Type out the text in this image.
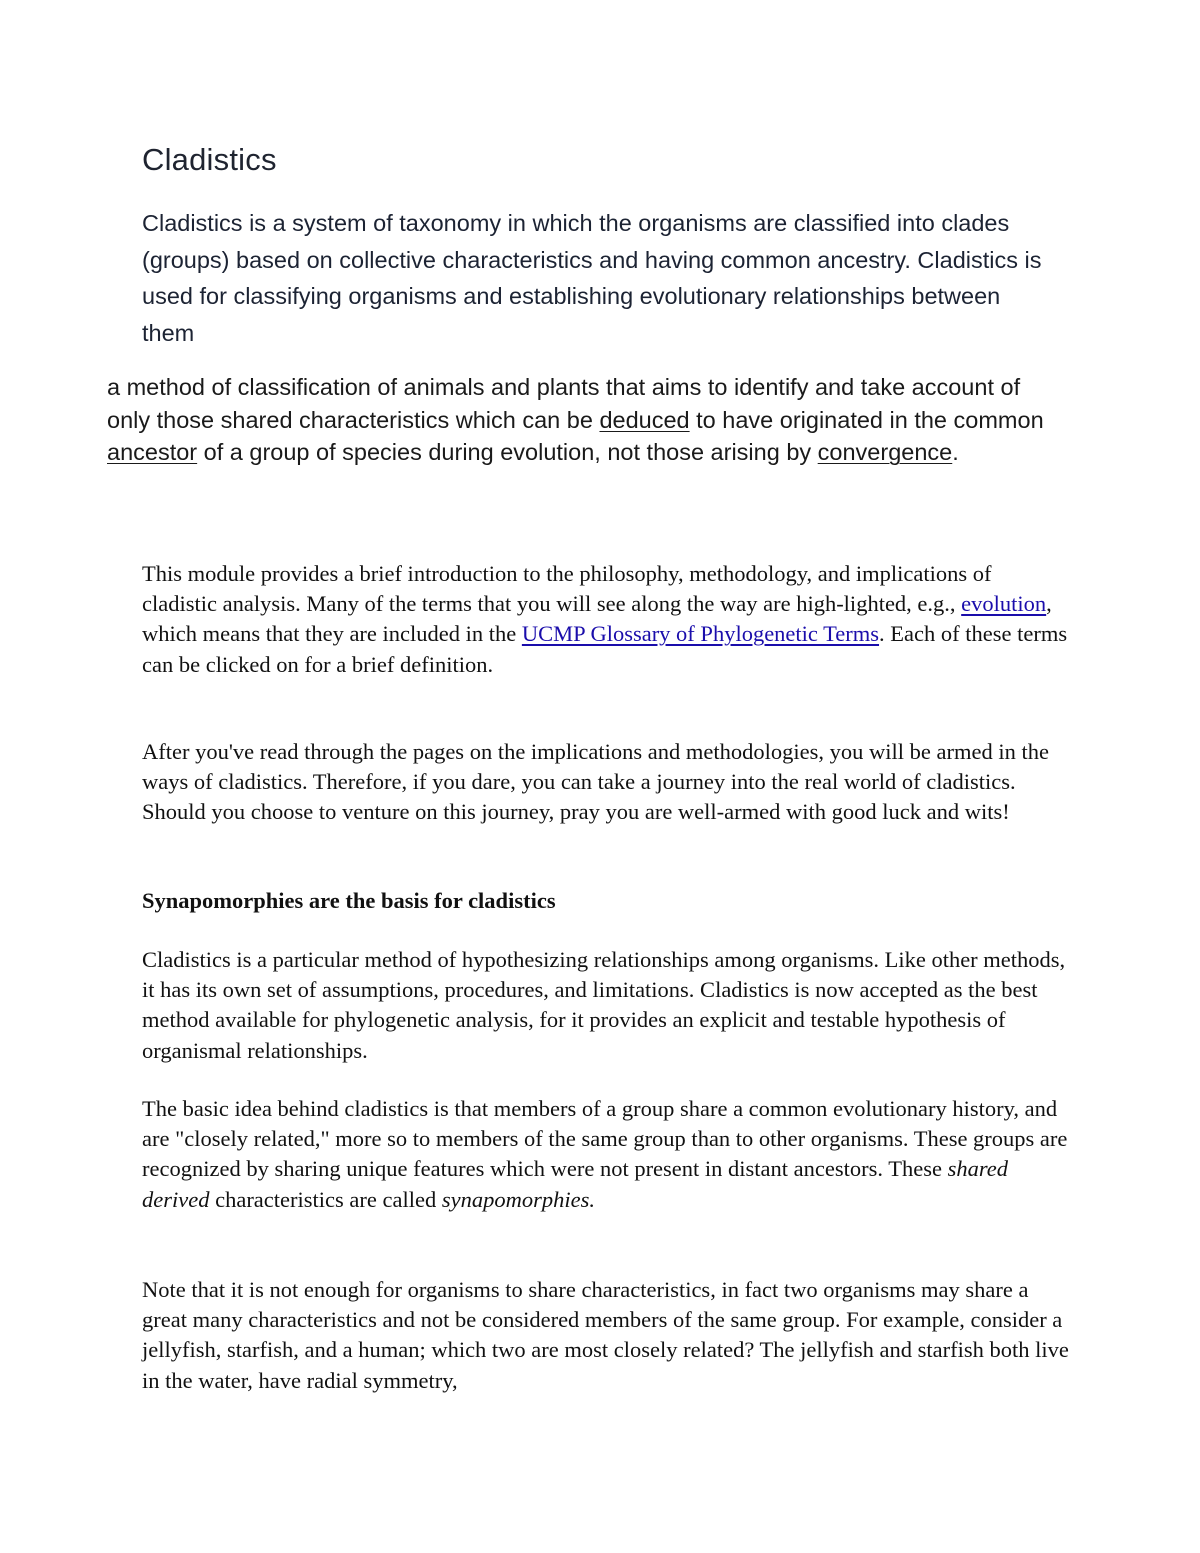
Cladistics

Cladistics is a system of taxonomy in which the organisms are classified into clades (groups) based on collective characteristics and having common ancestry. Cladistics is used for classifying organisms and establishing evolutionary relationships between them

a method of classification of animals and plants that aims to identify and take account of only those shared characteristics which can be deduced to have originated in the common ancestor of a group of species during evolution, not those arising by convergence.

This module provides a brief introduction to the philosophy, methodology, and implications of cladistic analysis. Many of the terms that you will see along the way are high-lighted, e.g., evolution, which means that they are included in the UCMP Glossary of Phylogenetic Terms. Each of these terms can be clicked on for a brief definition.

After you've read through the pages on the implications and methodologies, you will be armed in the ways of cladistics. Therefore, if you dare, you can take a journey into the real world of cladistics. Should you choose to venture on this journey, pray you are well-armed with good luck and wits!

Synapomorphies are the basis for cladistics

Cladistics is a particular method of hypothesizing relationships among organisms. Like other methods, it has its own set of assumptions, procedures, and limitations. Cladistics is now accepted as the best method available for phylogenetic analysis, for it provides an explicit and testable hypothesis of organismal relationships.

The basic idea behind cladistics is that members of a group share a common evolutionary history, and are "closely related," more so to members of the same group than to other organisms. These groups are recognized by sharing unique features which were not present in distant ancestors. These shared derived characteristics are called synapomorphies.

Note that it is not enough for organisms to share characteristics, in fact two organisms may share a great many characteristics and not be considered members of the same group. For example, consider a jellyfish, starfish, and a human; which two are most closely related? The jellyfish and starfish both live in the water, have radial symmetry,
